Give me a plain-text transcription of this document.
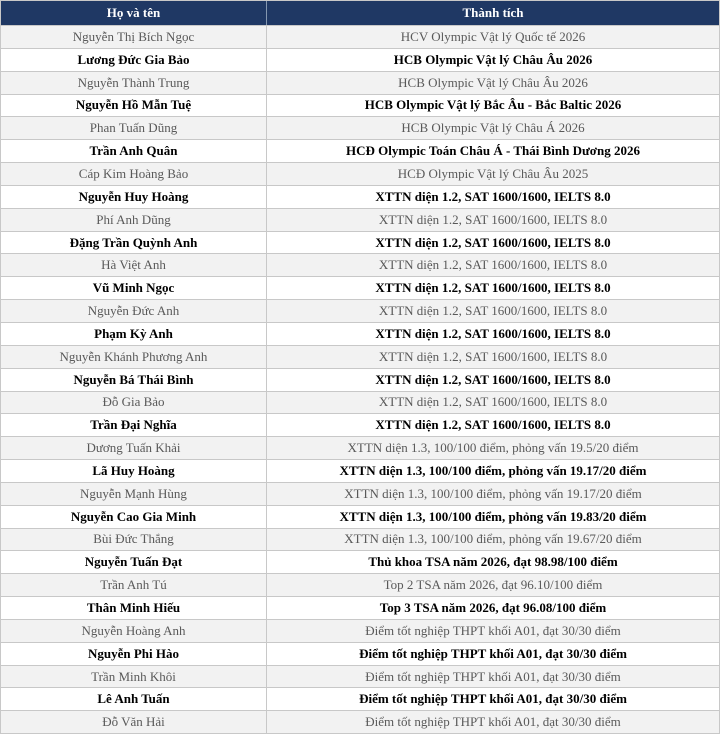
Họ và tên	Thành tích
Nguyễn Thị Bích Ngọc	HCV Olympic Vật lý Quốc tế 2026
Lương Đức Gia Bảo	HCB Olympic Vật lý Châu Âu 2026
Nguyễn Thành Trung	HCB Olympic Vật lý Châu Âu 2026
Nguyễn Hồ Mẫn Tuệ	HCB Olympic Vật lý Bắc Âu - Bắc Baltic 2026
Phan Tuấn Dũng	HCB Olympic Vật lý Châu Á 2026
Trần Anh Quân	HCĐ Olympic Toán Châu Á - Thái Bình Dương 2026
Cáp Kim Hoàng Bảo	HCĐ Olympic Vật lý Châu Âu 2025
Nguyễn Huy Hoàng	XTTN diện 1.2, SAT 1600/1600, IELTS 8.0
Phí Anh Dũng	XTTN diện 1.2, SAT 1600/1600, IELTS 8.0
Đặng Trần Quỳnh Anh	XTTN diện 1.2, SAT 1600/1600, IELTS 8.0
Hà Việt Anh	XTTN diện 1.2, SAT 1600/1600, IELTS 8.0
Vũ Minh Ngọc	XTTN diện 1.2, SAT 1600/1600, IELTS 8.0
Nguyễn Đức Anh	XTTN diện 1.2, SAT 1600/1600, IELTS 8.0
Phạm Kỳ Anh	XTTN diện 1.2, SAT 1600/1600, IELTS 8.0
Nguyễn Khánh Phương Anh	XTTN diện 1.2, SAT 1600/1600, IELTS 8.0
Nguyễn Bá Thái Bình	XTTN diện 1.2, SAT 1600/1600, IELTS 8.0
Đỗ Gia Bảo	XTTN diện 1.2, SAT 1600/1600, IELTS 8.0
Trần Đại Nghĩa	XTTN diện 1.2, SAT 1600/1600, IELTS 8.0
Dương Tuấn Khải	XTTN diện 1.3, 100/100 điểm, phỏng vấn 19.5/20 điểm
Lã Huy Hoàng	XTTN diện 1.3, 100/100 điểm, phỏng vấn 19.17/20 điểm
Nguyễn Mạnh Hùng	XTTN diện 1.3, 100/100 điểm, phỏng vấn 19.17/20 điểm
Nguyễn Cao Gia Minh	XTTN diện 1.3, 100/100 điểm, phỏng vấn 19.83/20 điểm
Bùi Đức Thắng	XTTN diện 1.3, 100/100 điểm, phỏng vấn 19.67/20 điểm
Nguyễn Tuấn Đạt	Thủ khoa TSA năm 2026, đạt 98.98/100 điểm
Trần Anh Tú	Top 2 TSA năm 2026, đạt 96.10/100 điểm
Thân Minh Hiếu	Top 3 TSA năm 2026, đạt 96.08/100 điểm
Nguyễn Hoàng Anh	Điểm tốt nghiệp THPT khối A01, đạt 30/30 điểm
Nguyễn Phi Hào	Điểm tốt nghiệp THPT khối A01, đạt 30/30 điểm
Trần Minh Khôi	Điểm tốt nghiệp THPT khối A01, đạt 30/30 điểm
Lê Anh Tuấn	Điểm tốt nghiệp THPT khối A01, đạt 30/30 điểm
Đỗ Văn Hải	Điểm tốt nghiệp THPT khối A01, đạt 30/30 điểm
